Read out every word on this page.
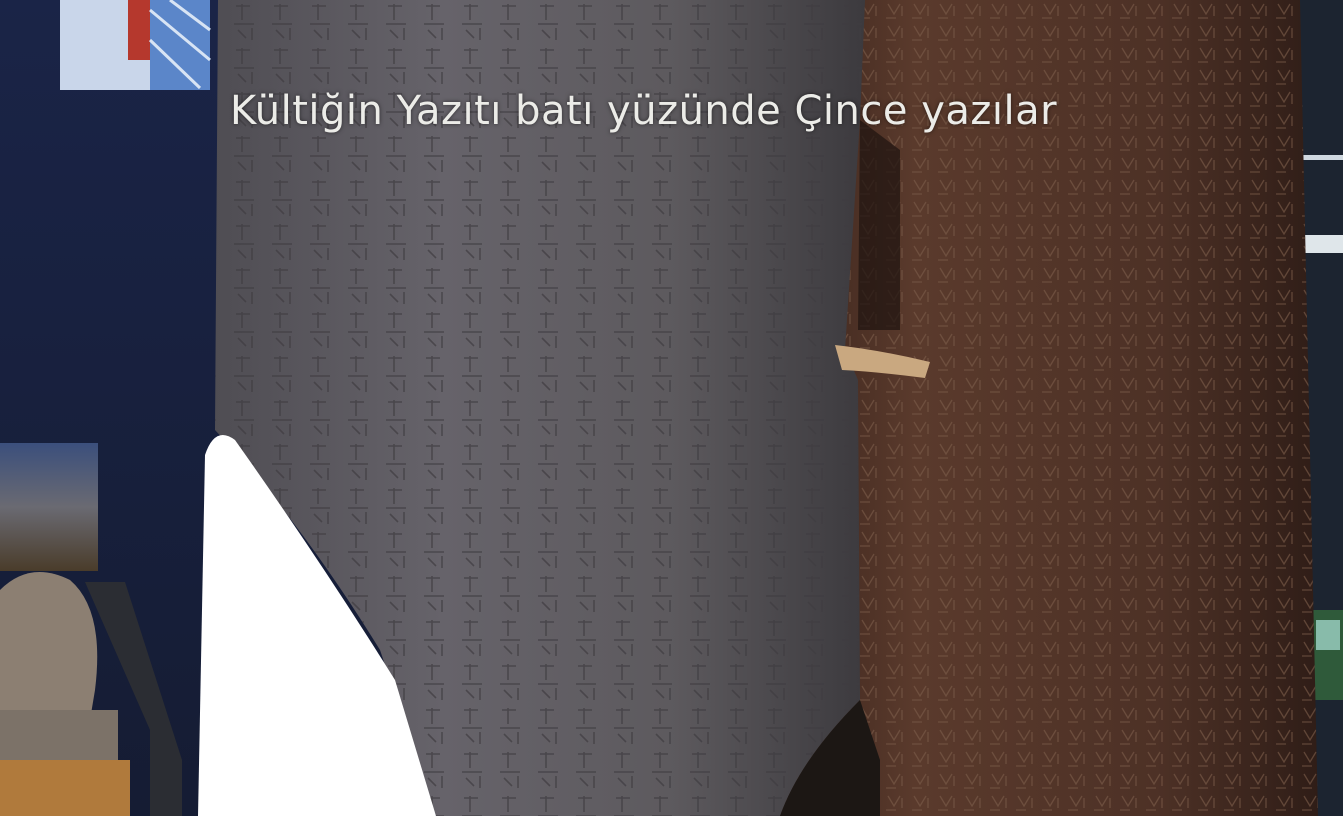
Kültiğin Yazıtı batı yüzünde Çince yazılar
